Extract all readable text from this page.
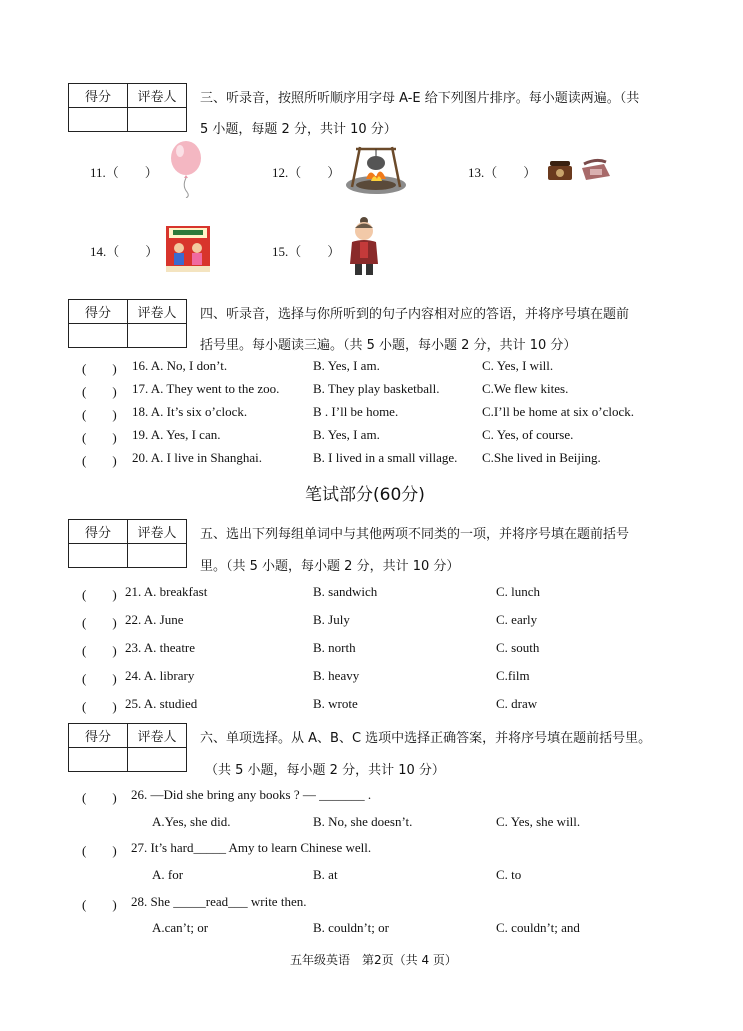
得分	评卷人
	三、听录音，按照所听顺序用字母 A-E 给下列图片排序。每小题读两遍。（共
5 小题，每题 2 分，共计 10 分）
11.（　　）	12.（　　）	13.（　　）
14.（　　）	15.（　　）
得分	评卷人
	四、听录音，选择与你所听到的句子内容相对应的答语，并将序号填在题前
括号里。每小题读三遍。（共 5 小题，每小题 2 分，共计 10 分）
(　　) 16. A. No, I don’t.	B. Yes, I am.	C. Yes, I will.
(　　) 17. A. They went to the zoo.	B. They play basketball.	C.We flew kites.
(　　) 18. A. It’s six o’clock.	B . I’ll be home.	C.I’ll be home at six o’clock.
(　　) 19. A. Yes, I can.	B. Yes, I am.	C. Yes, of course.
(　　) 20. A. I live in Shanghai.	B. I lived in a small village. C.She lived in Beijing.
笔试部分(60分)
得分	评卷人
	五、选出下列每组单词中与其他两项不同类的一项，并将序号填在题前括号
里。（共 5 小题，每小题 2 分，共计 10 分）
(　　) 21. A. breakfast	B. sandwich	C. lunch
(　　) 22. A. June	B. July	C. early
(　　) 23. A. theatre	B. north	C. south
(　　) 24. A. library	B. heavy	C.film
(　　) 25. A. studied	B. wrote	C. draw
得分	评卷人
	六、单项选择。从 A、B、C 选项中选择正确答案，并将序号填在题前括号里。
（共 5 小题，每小题 2 分，共计 10 分）
(　　) 26. —Did she bring any books ? — _______ .
A.Yes, she did.	B. No, she doesn’t.	C. Yes, she will.
(　　) 27. It’s hard_____ Amy to learn Chinese well.
A. for	B. at	C. to
(　　) 28. She _____read___ write then.
A.can’t; or	B. couldn’t; or	C. couldn’t; and
五年级英语　第2页（共 4 页）
